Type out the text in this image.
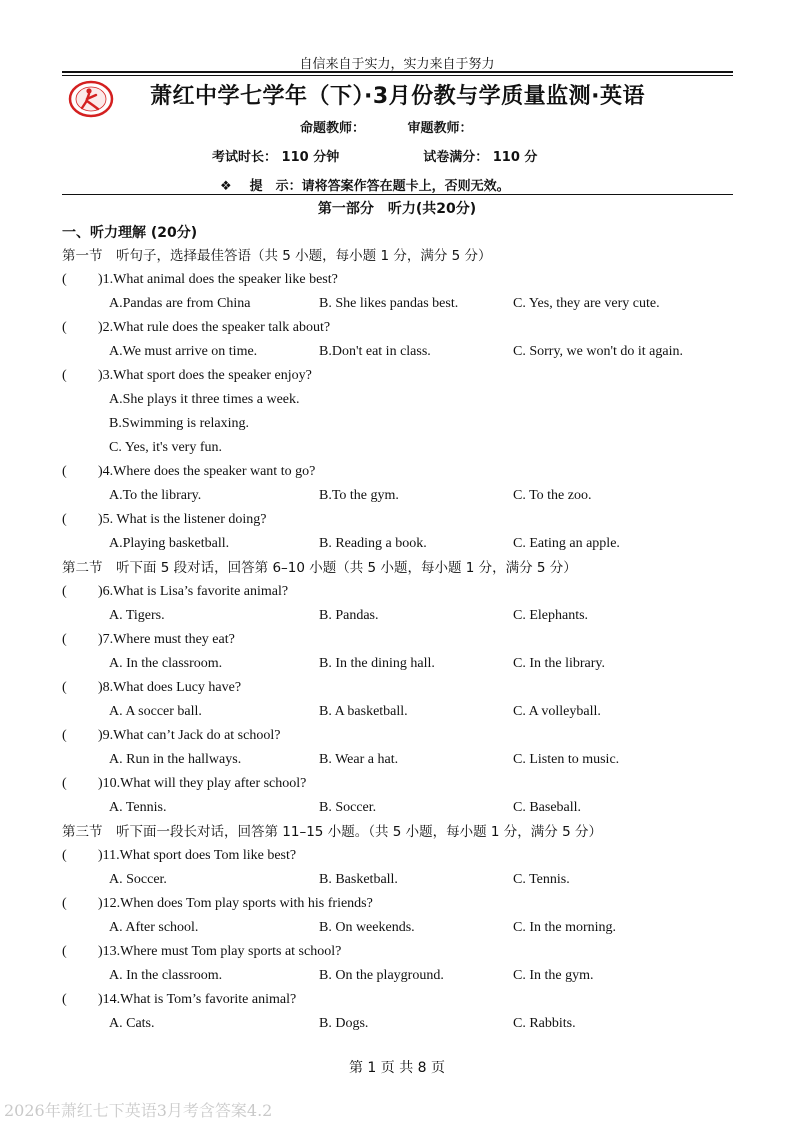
自信来自于实力，实力来自于努力
萧红中学七学年（下）·3月份教与学质量监测·英语
命题教师：	审题教师：
考试时长： 110 分钟	试卷满分： 110 分
❖ 提　示：请将答案作答在题卡上，否则无效。
第一部分　听力(共20分)
一、听力理解 (20分)
第一节　听句子，选择最佳答语（共 5 小题，每小题 1 分，满分 5 分）
( )1.What animal does the speaker like best?
A.Pandas are from China	B. She likes pandas best.	C. Yes, they are very cute.
( )2.What rule does the speaker talk about?
A.We must arrive on time.	B.Don't eat in class.	C. Sorry, we won't do it again.
( )3.What sport does the speaker enjoy?
A.She plays it three times a week.
B.Swimming is relaxing.
C. Yes, it's very fun.
( )4.Where does the speaker want to go?
A.To the library.	B.To the gym.	C. To the zoo.
( )5. What is the listener doing?
A.Playing basketball.	B. Reading a book.	C. Eating an apple.
第二节　听下面 5 段对话，回答第 6–10 小题（共 5 小题，每小题 1 分，满分 5 分）
( )6.What is Lisa’s favorite animal?
A. Tigers.	B. Pandas.	C. Elephants.
( )7.Where must they eat?
A. In the classroom.	B. In the dining hall.	C. In the library.
( )8.What does Lucy have?
A. A soccer ball.	B. A basketball.	C. A volleyball.
( )9.What can’t Jack do at school?
A. Run in the hallways.	B. Wear a hat.	C. Listen to music.
( )10.What will they play after school?
A. Tennis.	B. Soccer.	C. Baseball.
第三节　听下面一段长对话，回答第 11–15 小题。（共 5 小题，每小题 1 分，满分 5 分）
( )11.What sport does Tom like best?
A. Soccer.	B. Basketball.	C. Tennis.
( )12.When does Tom play sports with his friends?
A. After school.	B. On weekends.	C. In the morning.
( )13.Where must Tom play sports at school?
A. In the classroom.	B. On the playground.	C. In the gym.
( )14.What is Tom’s favorite animal?
A. Cats.	B. Dogs.	C. Rabbits.
第 1 页 共 8 页
2026年萧红七下英语3月考含答案4.2
